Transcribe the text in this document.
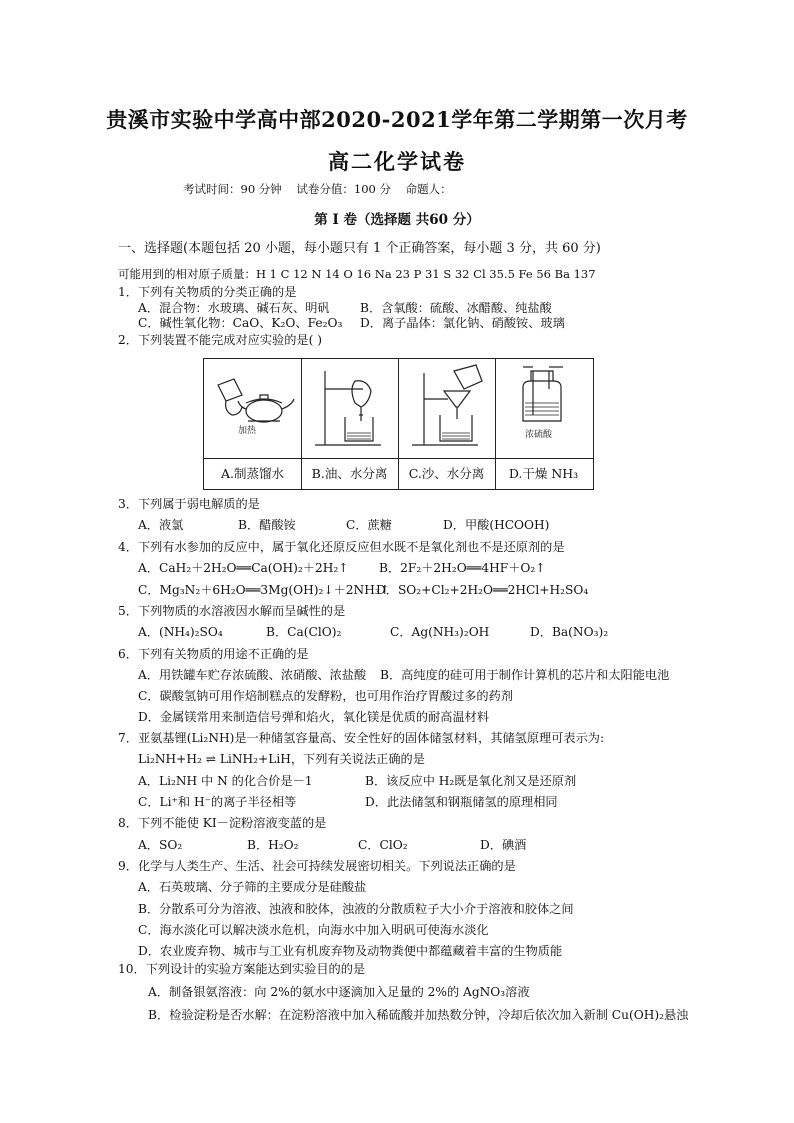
贵溪市实验中学高中部2020-2021学年第二学期第一次月考
高二化学试卷
考试时间：90 分钟    试卷分值：100 分    命题人：
第 I 卷（选择题 共60 分）
一、选择题(本题包括 20 小题，每小题只有 1 个正确答案，每小题 3 分，共 60 分)
可能用到的相对原子质量：H 1 C 12 N 14 O 16 Na 23 P 31 S 32 Cl 35.5 Fe 56 Ba 137
1．下列有关物质的分类正确的是
A．混合物：水玻璃、碱石灰、明矾 B．含氧酸：硫酸、冰醋酸、纯盐酸
C．碱性氧化物：CaO、K₂O、Fe₂O₃ D．离子晶体：氯化钠、硝酸铵、玻璃
2．下列装置不能完成对应实验的是( )
加热	浓硫酸
A.制蒸馏水	B.油、水分离	C.沙、水分离	D.干燥 NH₃
3．下列属于弱电解质的是
A．液氯	B．醋酸铵	C．蔗糖	D．甲酸(HCOOH)
4．下列有水参加的反应中，属于氧化还原反应但水既不是氧化剂也不是还原剂的是
A．CaH₂＋2H₂O══Ca(OH)₂＋2H₂↑	B．2F₂＋2H₂O══4HF＋O₂↑
C．Mg₃N₂＋6H₂O══3Mg(OH)₂↓＋2NH₃↑
D．SO₂+Cl₂+2H₂O══2HCl+H₂SO₄
5．下列物质的水溶液因水解而呈碱性的是
A．(NH₄)₂SO₄	B．Ca(ClO)₂	C．Ag(NH₃)₂OH	D．Ba(NO₃)₂
6．下列有关物质的用途不正确的是
A．用铁罐车贮存浓硫酸、浓硝酸、浓盐酸 B．高纯度的硅可用于制作计算机的芯片和太阳能电池
C．碳酸氢钠可用作焙制糕点的发酵粉，也可用作治疗胃酸过多的药剂
D．金属镁常用来制造信号弹和焰火，氧化镁是优质的耐高温材料
7．亚氨基锂(Li₂NH)是一种储氢容量高、安全性好的固体储氢材料，其储氢原理可表示为:
Li₂NH+H₂ ⇌ LiNH₂+LiH，下列有关说法正确的是
A．Li₂NH 中 N 的化合价是－1	B．该反应中 H₂既是氧化剂又是还原剂
C．Li⁺和 H⁻的离子半径相等	D．此法储氢和钢瓶储氢的原理相同
8．下列不能使 KI－淀粉溶液变蓝的是
A．SO₂	B．H₂O₂	C．ClO₂	D．碘酒
9．化学与人类生产、生活、社会可持续发展密切相关。下列说法正确的是
A．石英玻璃、分子筛的主要成分是硅酸盐
B．分散系可分为溶液、浊液和胶体，浊液的分散质粒子大小介于溶液和胶体之间
C．海水淡化可以解决淡水危机，向海水中加入明矾可使海水淡化
D．农业废弃物、城市与工业有机废弃物及动物粪便中都蕴藏着丰富的生物质能
10．下列设计的实验方案能达到实验目的的是
A．制备银氨溶液：向 2%的氨水中逐滴加入足量的 2%的 AgNO₃溶液
B．检验淀粉是否水解：在淀粉溶液中加入稀硫酸并加热数分钟，冷却后依次加入新制 Cu(OH)₂悬浊
